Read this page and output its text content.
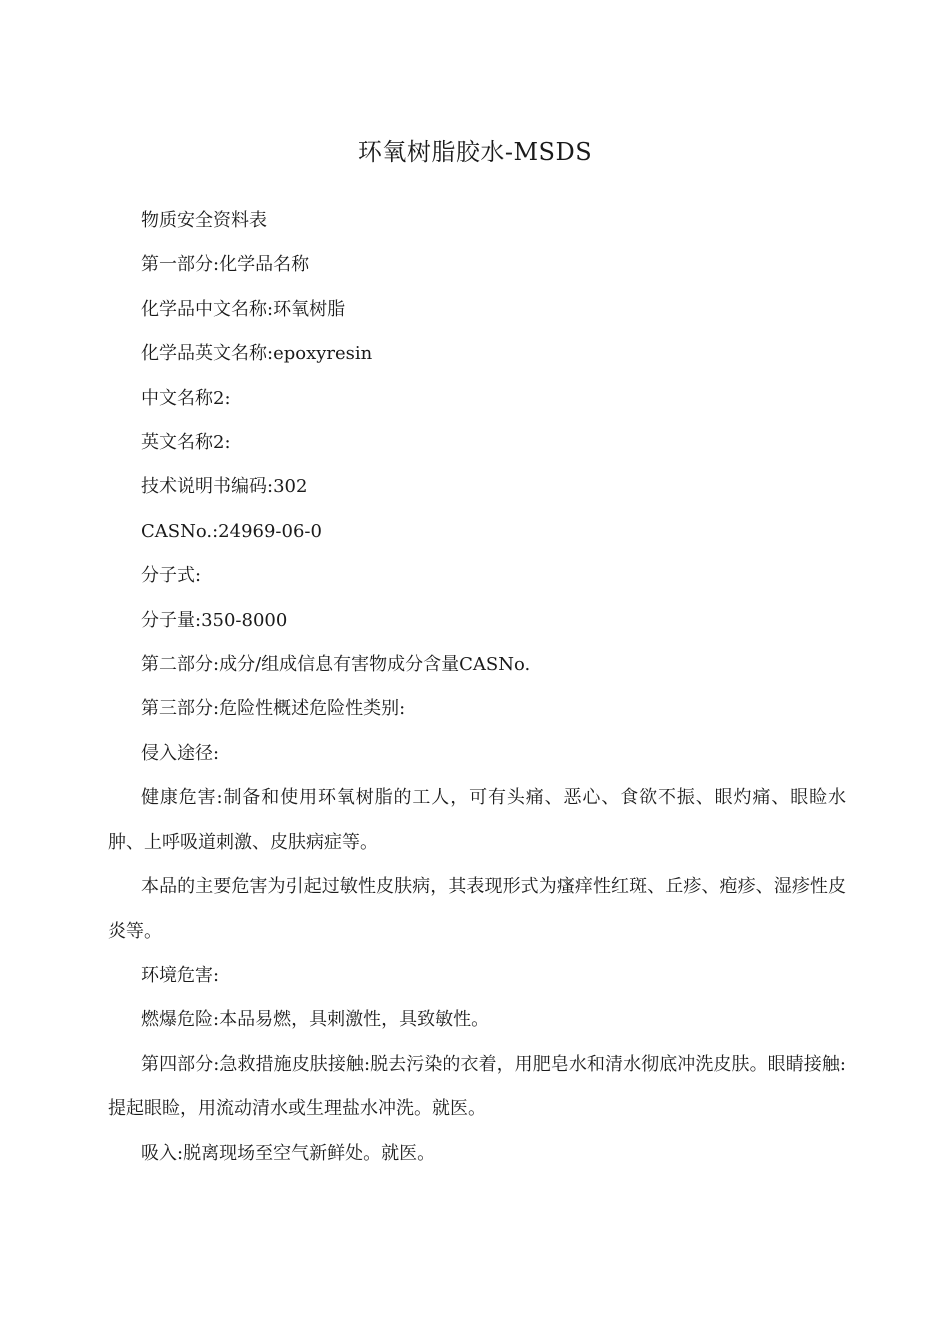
环氧树脂胶水-MSDS

物质安全资料表

第一部分:化学品名称

化学品中文名称:环氧树脂

化学品英文名称:epoxyresin

中文名称2:

英文名称2:

技术说明书编码:302

CASNo.:24969-06-0

分子式:

分子量:350-8000

第二部分:成分/组成信息有害物成分含量CASNo.

第三部分:危险性概述危险性类别:

侵入途径:

健康危害:制备和使用环氧树脂的工人，可有头痛、恶心、食欲不振、眼灼痛、眼睑水肿、上呼吸道刺激、皮肤病症等。

本品的主要危害为引起过敏性皮肤病，其表现形式为瘙痒性红斑、丘疹、疱疹、湿疹性皮炎等。

环境危害:

燃爆危险:本品易燃，具刺激性，具致敏性。

第四部分:急救措施皮肤接触:脱去污染的衣着，用肥皂水和清水彻底冲洗皮肤。眼睛接触:提起眼睑，用流动清水或生理盐水冲洗。就医。

吸入:脱离现场至空气新鲜处。就医。
